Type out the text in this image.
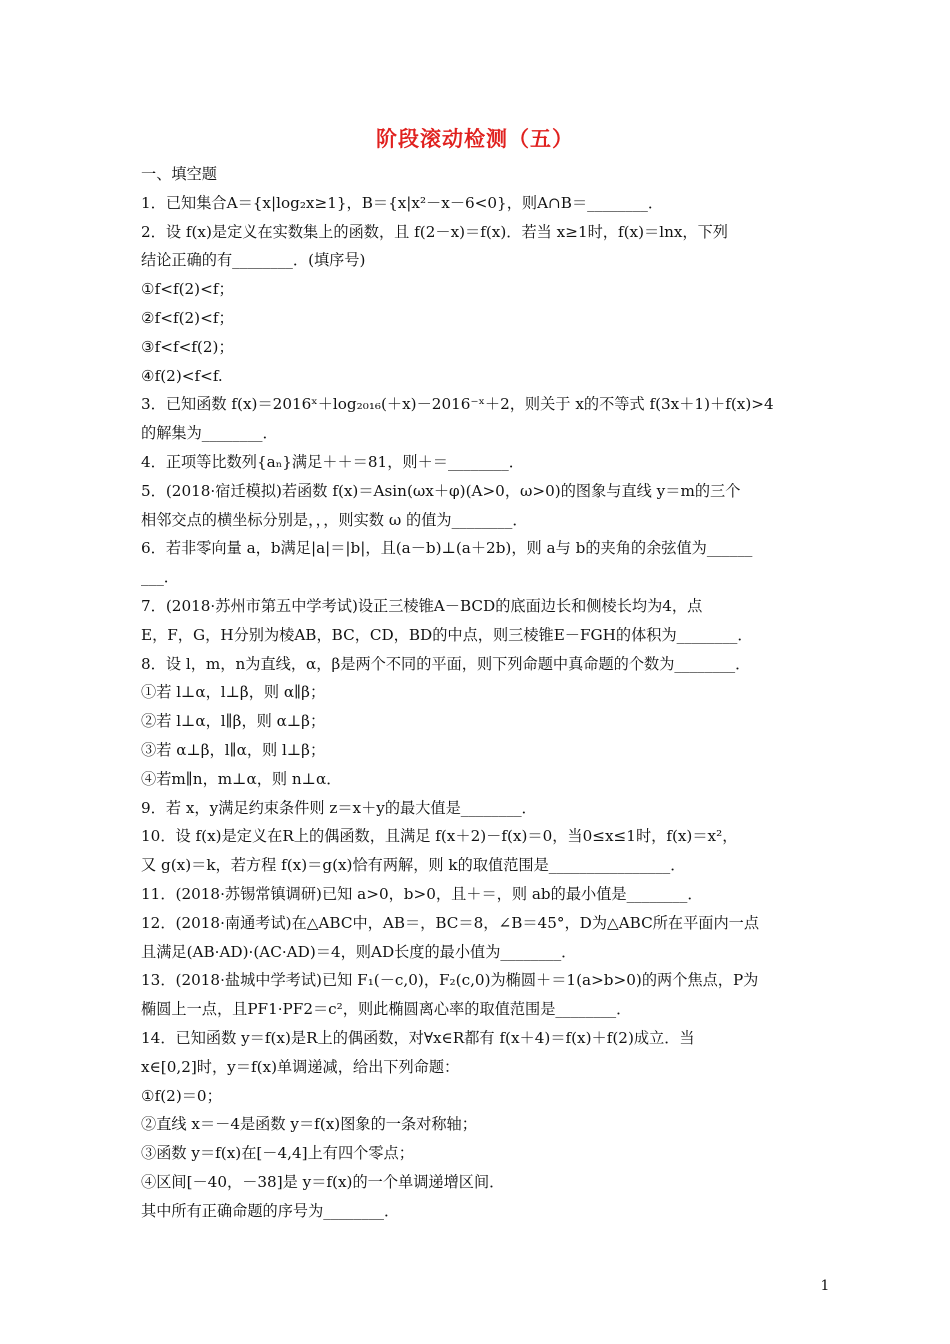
阶段滚动检测（五）
一、填空题
1．已知集合A＝{x|log₂x≥1}，B＝{x|x²－x－6<0}，则A∩B＝________．
2．设 f(x)是定义在实数集上的函数，且 f(2－x)＝f(x)．若当 x≥1时，f(x)＝lnx，下列
结论正确的有________．(填序号)
①f<f(2)<f；
②f<f(2)<f；
③f<f<f(2)；
④f(2)<f<f.
3．已知函数 f(x)＝2016ˣ＋log₂₀₁₆(＋x)－2016⁻ˣ＋2，则关于 x的不等式 f(3x＋1)＋f(x)>4
的解集为________．
4．正项等比数列{aₙ}满足＋＋＝81，则＋＝________．
5．(2018·宿迁模拟)若函数 f(x)＝Asin(ωx＋φ)(A>0，ω>0)的图象与直线 y＝m的三个
相邻交点的横坐标分别是，，，则实数 ω 的值为________．
6．若非零向量 a，b满足|a|＝|b|，且(a－b)⊥(a＋2b)，则 a与 b的夹角的余弦值为______
___．
7．(2018·苏州市第五中学考试)设正三棱锥A－BCD的底面边长和侧棱长均为4，点
E，F，G，H分别为棱AB，BC，CD，BD的中点，则三棱锥E－FGH的体积为________．
8．设 l，m，n为直线，α，β是两个不同的平面，则下列命题中真命题的个数为________．
①若 l⊥α，l⊥β，则 α∥β；
②若 l⊥α，l∥β，则 α⊥β；
③若 α⊥β，l∥α，则 l⊥β；
④若m∥n，m⊥α，则 n⊥α．
9．若 x，y满足约束条件则 z＝x＋y的最大值是________．
10．设 f(x)是定义在R上的偶函数，且满足 f(x＋2)－f(x)＝0，当0≤x≤1时，f(x)＝x²，
又 g(x)＝k，若方程 f(x)＝g(x)恰有两解，则 k的取值范围是________________．
11．(2018·苏锡常镇调研)已知 a>0，b>0，且＋＝，则 ab的最小值是________．
12．(2018·南通考试)在△ABC中，AB＝，BC＝8，∠B＝45°，D为△ABC所在平面内一点
且满足(AB·AD)·(AC·AD)＝4，则AD长度的最小值为________．
13．(2018·盐城中学考试)已知 F₁(－c,0)，F₂(c,0)为椭圆＋＝1(a>b>0)的两个焦点，P为
椭圆上一点，且PF1·PF2＝c²，则此椭圆离心率的取值范围是________．
14．已知函数 y＝f(x)是R上的偶函数，对∀x∈R都有 f(x＋4)＝f(x)＋f(2)成立．当
x∈[0,2]时，y＝f(x)单调递减，给出下列命题：
①f(2)＝0；
②直线 x＝－4是函数 y＝f(x)图象的一条对称轴；
③函数 y＝f(x)在[－4,4]上有四个零点；
④区间[－40，－38]是 y＝f(x)的一个单调递增区间．
其中所有正确命题的序号为________．
1
